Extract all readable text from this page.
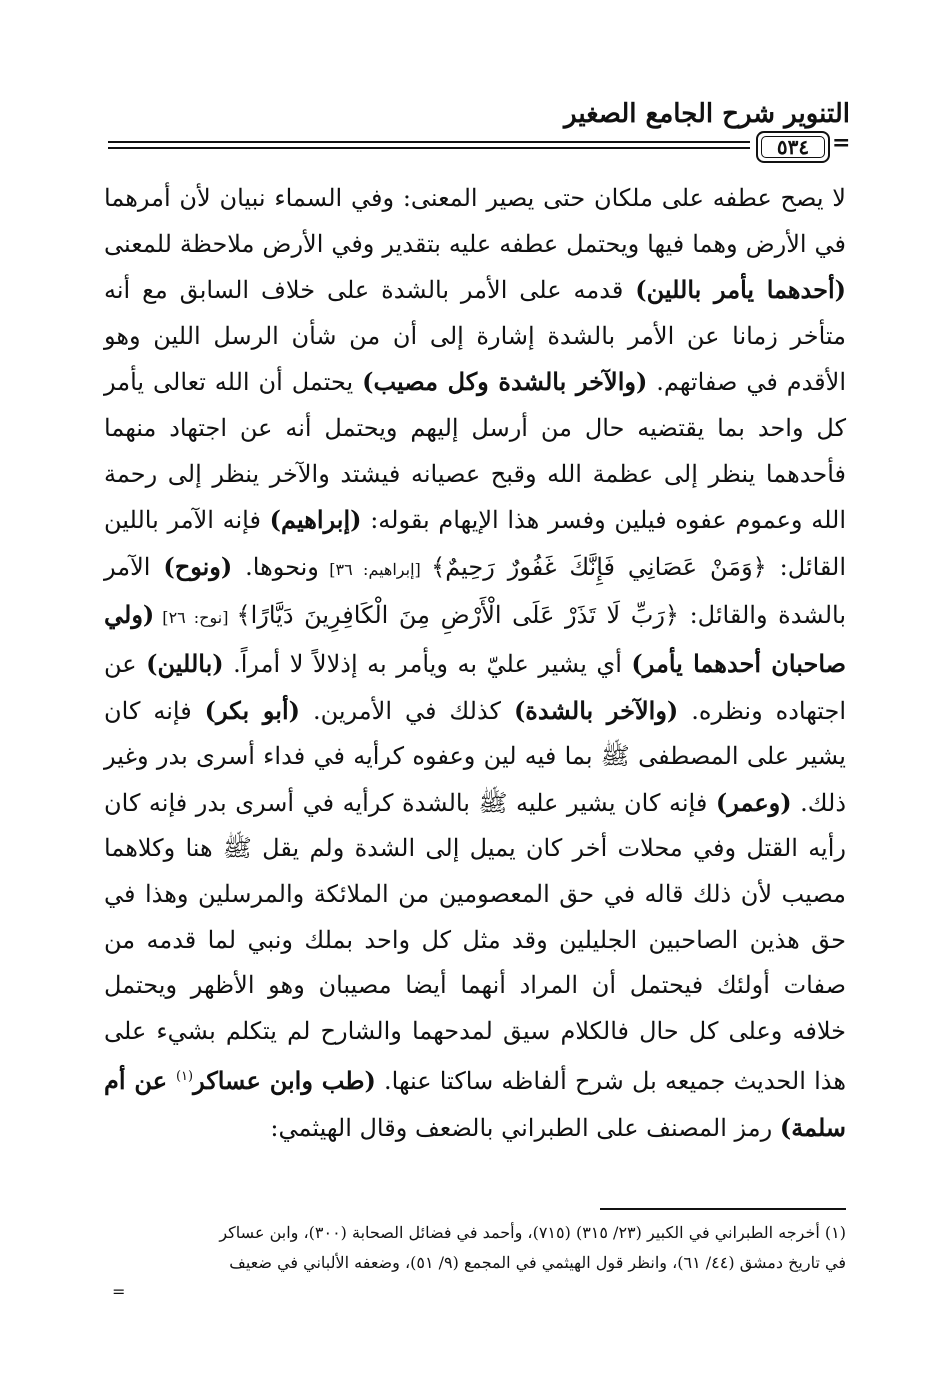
التنوير شرح الجامع الصغير
٥٣٤ =

لا يصح عطفه على ملكان حتى يصير المعنى: وفي السماء نبيان لأن أمرهما في الأرض وهما فيها ويحتمل عطفه عليه بتقدير وفي الأرض ملاحظة للمعنى (أحدهما يأمر باللين) قدمه على الأمر بالشدة على خلاف السابق مع أنه متأخر زمانا عن الأمر بالشدة إشارة إلى أن من شأن الرسل اللين وهو الأقدم في صفاتهم. (والآخر بالشدة وكل مصيب) يحتمل أن الله تعالى يأمر كل واحد بما يقتضيه حال من أرسل إليهم ويحتمل أنه عن اجتهاد منهما فأحدهما ينظر إلى عظمة الله وقبح عصيانه فيشتد والآخر ينظر إلى رحمة الله وعموم عفوه فيلين وفسر هذا الإيهام بقوله: (إبراهيم) فإنه الآمر باللين القائل: ﴿وَمَنْ عَصَانِي فَإِنَّكَ غَفُورٌ رَحِيمٌ﴾ [إبراهيم: ٣٦] ونحوها. (ونوح) الآمر بالشدة والقائل: ﴿رَبِّ لَا تَذَرْ عَلَى الْأَرْضِ مِنَ الْكَافِرِينَ دَيَّارًا﴾ [نوح: ٢٦] (ولي صاحبان أحدهما يأمر) أي يشير عليّ به ويأمر به إذلالاً لا أمراً. (باللين) عن اجتهاده ونظره. (والآخر بالشدة) كذلك في الأمرين. (أبو بكر) فإنه كان يشير على المصطفى ﷺ بما فيه لين وعفوه كرأيه في فداء أسرى بدر وغير ذلك. (وعمر) فإنه كان يشير عليه ﷺ بالشدة كرأيه في أسرى بدر فإنه كان رأيه القتل وفي محلات أخر كان يميل إلى الشدة ولم يقل ﷺ هنا وكلاهما مصيب لأن ذلك قاله في حق المعصومين من الملائكة والمرسلين وهذا في حق هذين الصاحبين الجليلين وقد مثل كل واحد بملك ونبي لما قدمه من صفات أولئك فيحتمل أن المراد أنهما أيضا مصيبان وهو الأظهر ويحتمل خلافه وعلى كل حال فالكلام سيق لمدحهما والشارح لم يتكلم بشيء على هذا الحديث جميعه بل شرح ألفاظه ساكتا عنها. (طب وابن عساكر$^{(١)}$ عن أم سلمة) رمز المصنف على الطبراني بالضعف وقال الهيثمي:

(١) أخرجه الطبراني في الكبير (٢٣/ ٣١٥) (٧١٥)، وأحمد في فضائل الصحابة (٣٠٠)، وابن عساكر

في تاريخ دمشق (٤٤/ ٦١)، وانظر قول الهيثمي في المجمع (٩/ ٥١)، وضعفه الألباني في ضعيف

=
